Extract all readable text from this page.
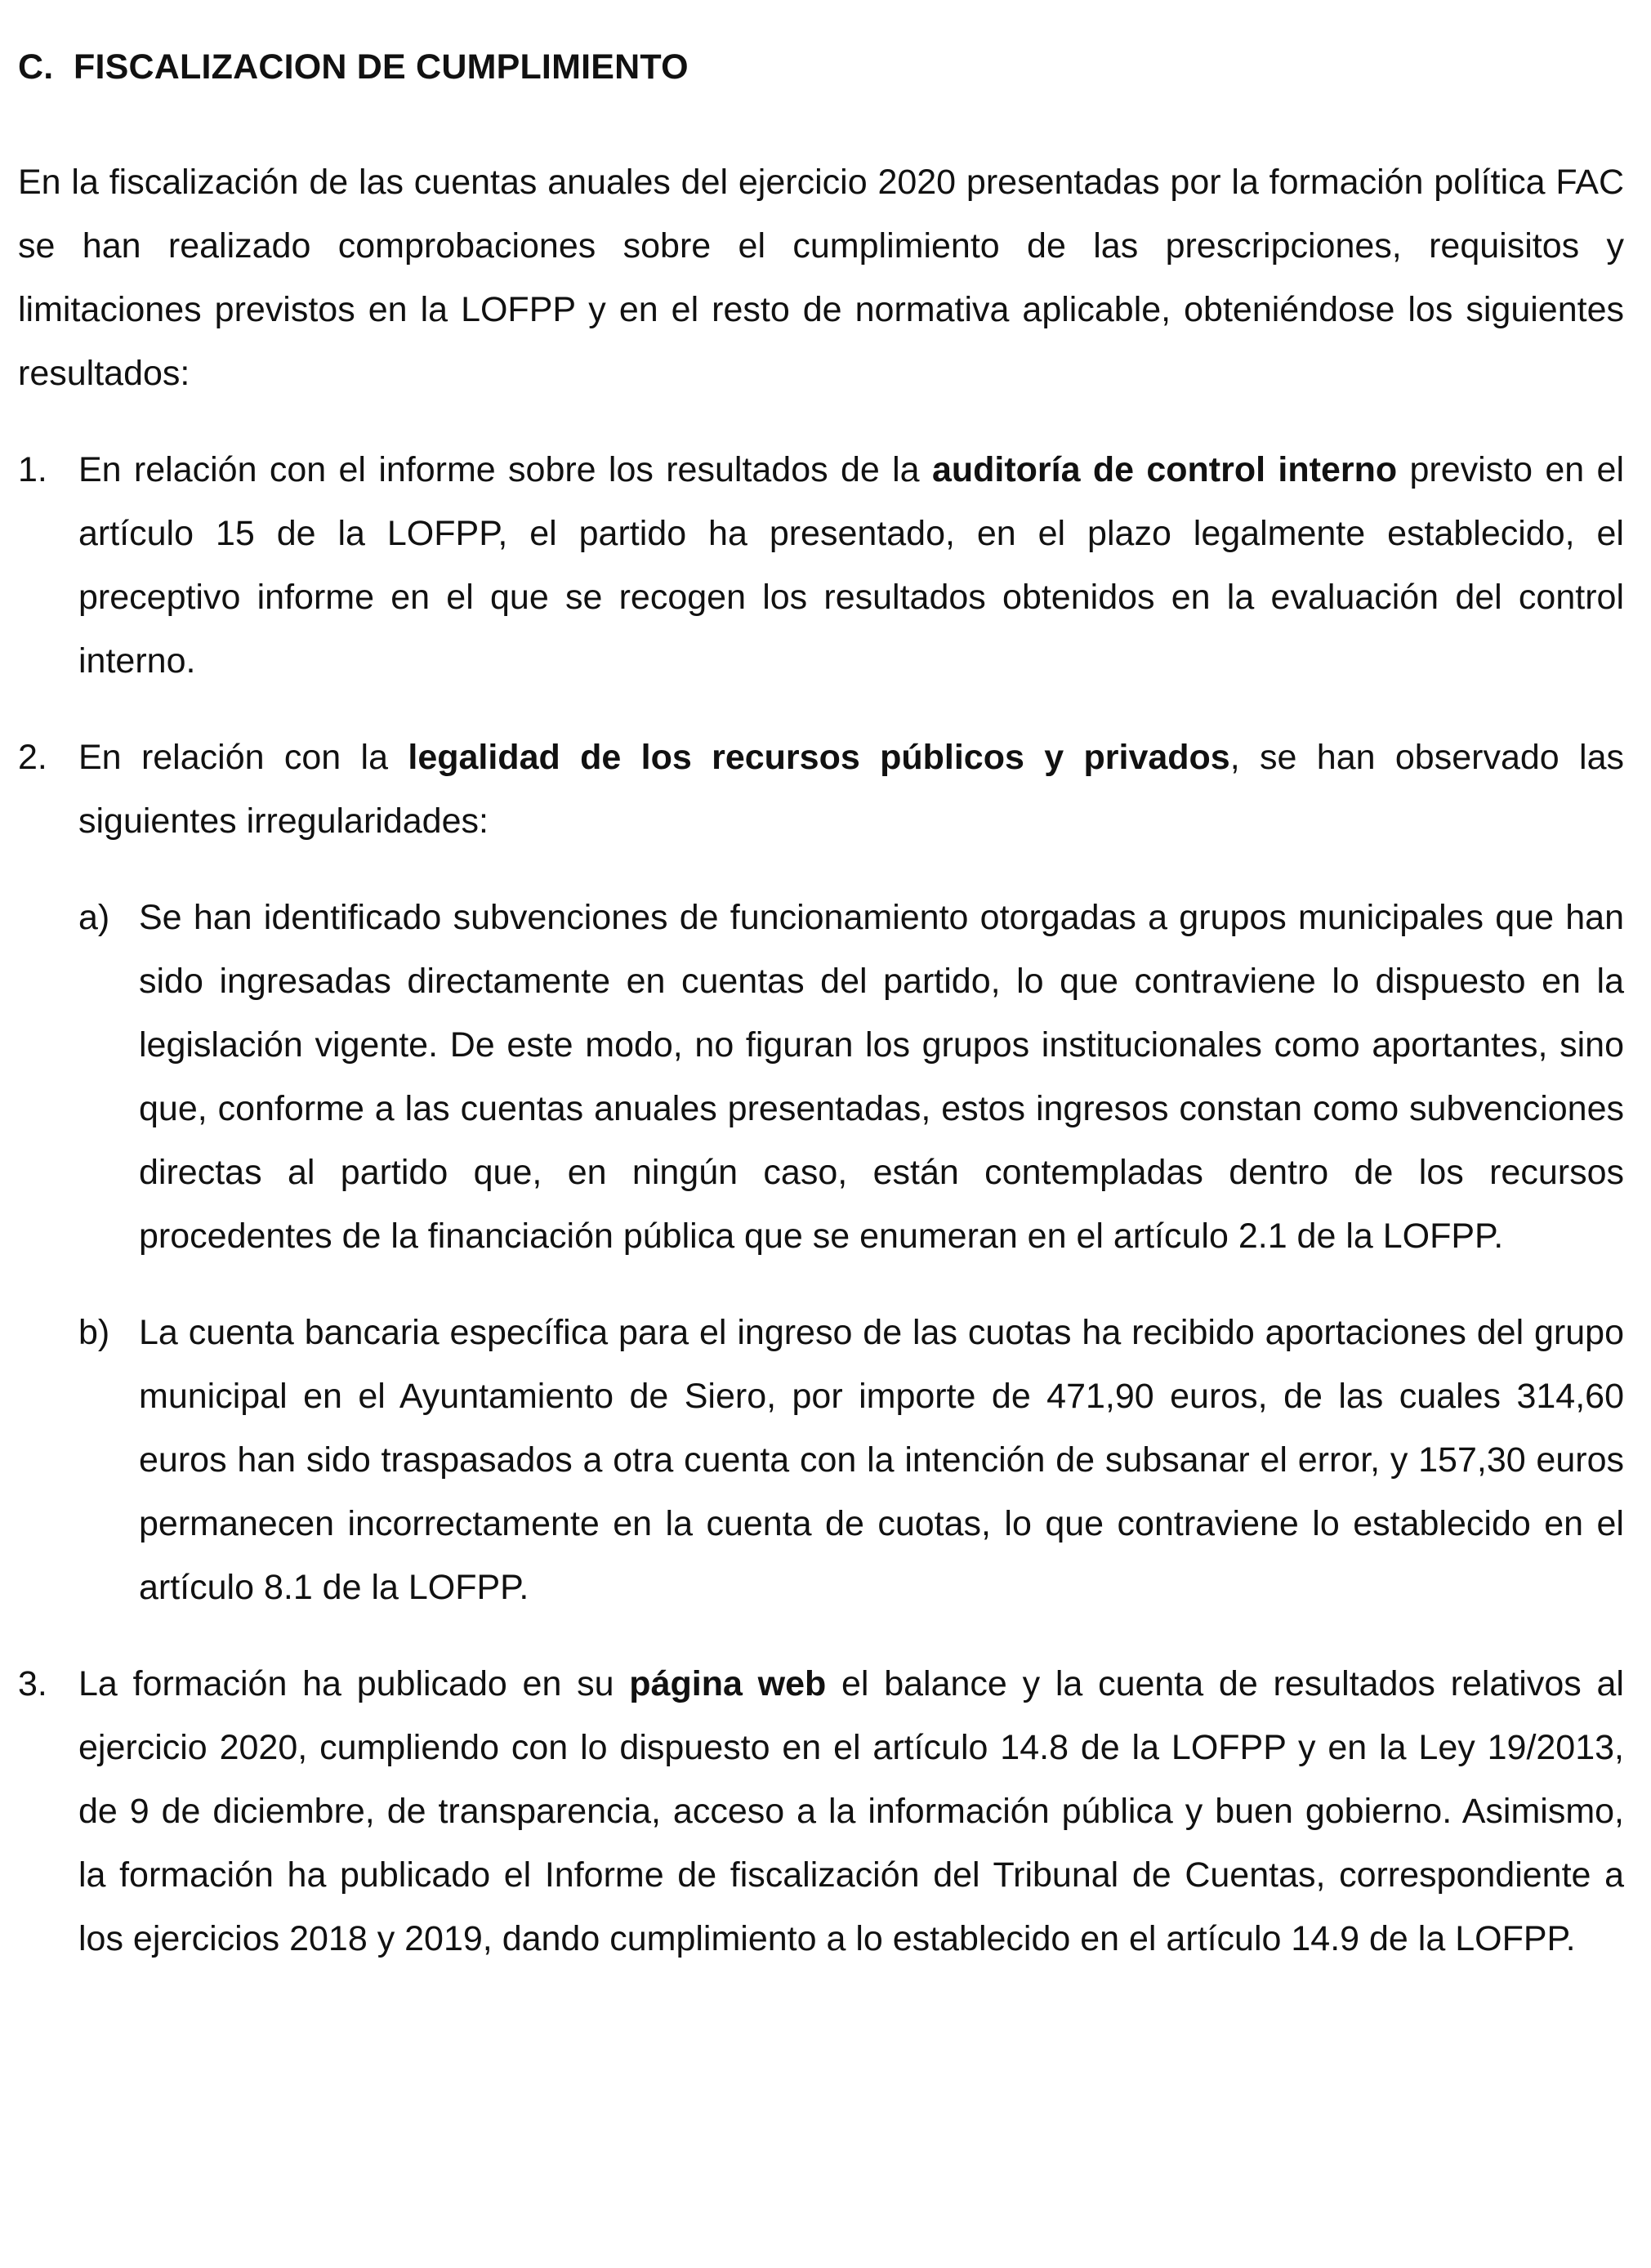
C. FISCALIZACION DE CUMPLIMIENTO

En la fiscalización de las cuentas anuales del ejercicio 2020 presentadas por la formación política FAC se han realizado comprobaciones sobre el cumplimiento de las prescripciones, requisitos y limitaciones previstos en la LOFPP y en el resto de normativa aplicable, obteniéndose los siguientes resultados:

1. En relación con el informe sobre los resultados de la auditoría de control interno previsto en el artículo 15 de la LOFPP, el partido ha presentado, en el plazo legalmente establecido, el preceptivo informe en el que se recogen los resultados obtenidos en la evaluación del control interno.
2. En relación con la legalidad de los recursos públicos y privados, se han observado las siguientes irregularidades:
a) Se han identificado subvenciones de funcionamiento otorgadas a grupos municipales que han sido ingresadas directamente en cuentas del partido, lo que contraviene lo dispuesto en la legislación vigente. De este modo, no figuran los grupos institucionales como aportantes, sino que, conforme a las cuentas anuales presentadas, estos ingresos constan como subvenciones directas al partido que, en ningún caso, están contempladas dentro de los recursos procedentes de la financiación pública que se enumeran en el artículo 2.1 de la LOFPP.
b) La cuenta bancaria específica para el ingreso de las cuotas ha recibido aportaciones del grupo municipal en el Ayuntamiento de Siero, por importe de 471,90 euros, de las cuales 314,60 euros han sido traspasados a otra cuenta con la intención de subsanar el error, y 157,30 euros permanecen incorrectamente en la cuenta de cuotas, lo que contraviene lo establecido en el artículo 8.1 de la LOFPP.
3. La formación ha publicado en su página web el balance y la cuenta de resultados relativos al ejercicio 2020, cumpliendo con lo dispuesto en el artículo 14.8 de la LOFPP y en la Ley 19/2013, de 9 de diciembre, de transparencia, acceso a la información pública y buen gobierno. Asimismo, la formación ha publicado el Informe de fiscalización del Tribunal de Cuentas, correspondiente a los ejercicios 2018 y 2019, dando cumplimiento a lo establecido en el artículo 14.9 de la LOFPP.
